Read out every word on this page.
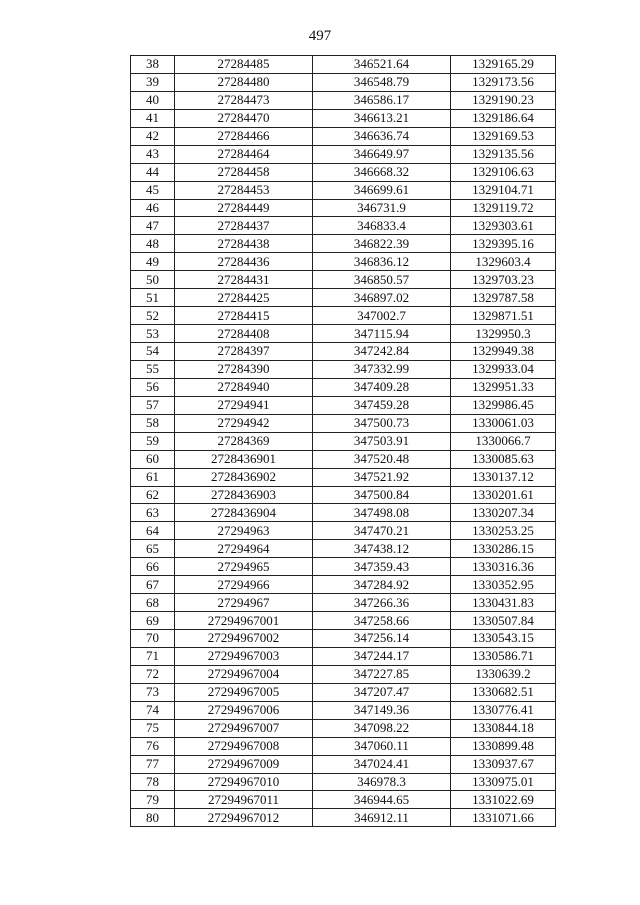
497
38	27284485	346521.64	1329165.29
39	27284480	346548.79	1329173.56
40	27284473	346586.17	1329190.23
41	27284470	346613.21	1329186.64
42	27284466	346636.74	1329169.53
43	27284464	346649.97	1329135.56
44	27284458	346668.32	1329106.63
45	27284453	346699.61	1329104.71
46	27284449	346731.9	1329119.72
47	27284437	346833.4	1329303.61
48	27284438	346822.39	1329395.16
49	27284436	346836.12	1329603.4
50	27284431	346850.57	1329703.23
51	27284425	346897.02	1329787.58
52	27284415	347002.7	1329871.51
53	27284408	347115.94	1329950.3
54	27284397	347242.84	1329949.38
55	27284390	347332.99	1329933.04
56	27284940	347409.28	1329951.33
57	27294941	347459.28	1329986.45
58	27294942	347500.73	1330061.03
59	27284369	347503.91	1330066.7
60	2728436901	347520.48	1330085.63
61	2728436902	347521.92	1330137.12
62	2728436903	347500.84	1330201.61
63	2728436904	347498.08	1330207.34
64	27294963	347470.21	1330253.25
65	27294964	347438.12	1330286.15
66	27294965	347359.43	1330316.36
67	27294966	347284.92	1330352.95
68	27294967	347266.36	1330431.83
69	27294967001	347258.66	1330507.84
70	27294967002	347256.14	1330543.15
71	27294967003	347244.17	1330586.71
72	27294967004	347227.85	1330639.2
73	27294967005	347207.47	1330682.51
74	27294967006	347149.36	1330776.41
75	27294967007	347098.22	1330844.18
76	27294967008	347060.11	1330899.48
77	27294967009	347024.41	1330937.67
78	27294967010	346978.3	1330975.01
79	27294967011	346944.65	1331022.69
80	27294967012	346912.11	1331071.66
